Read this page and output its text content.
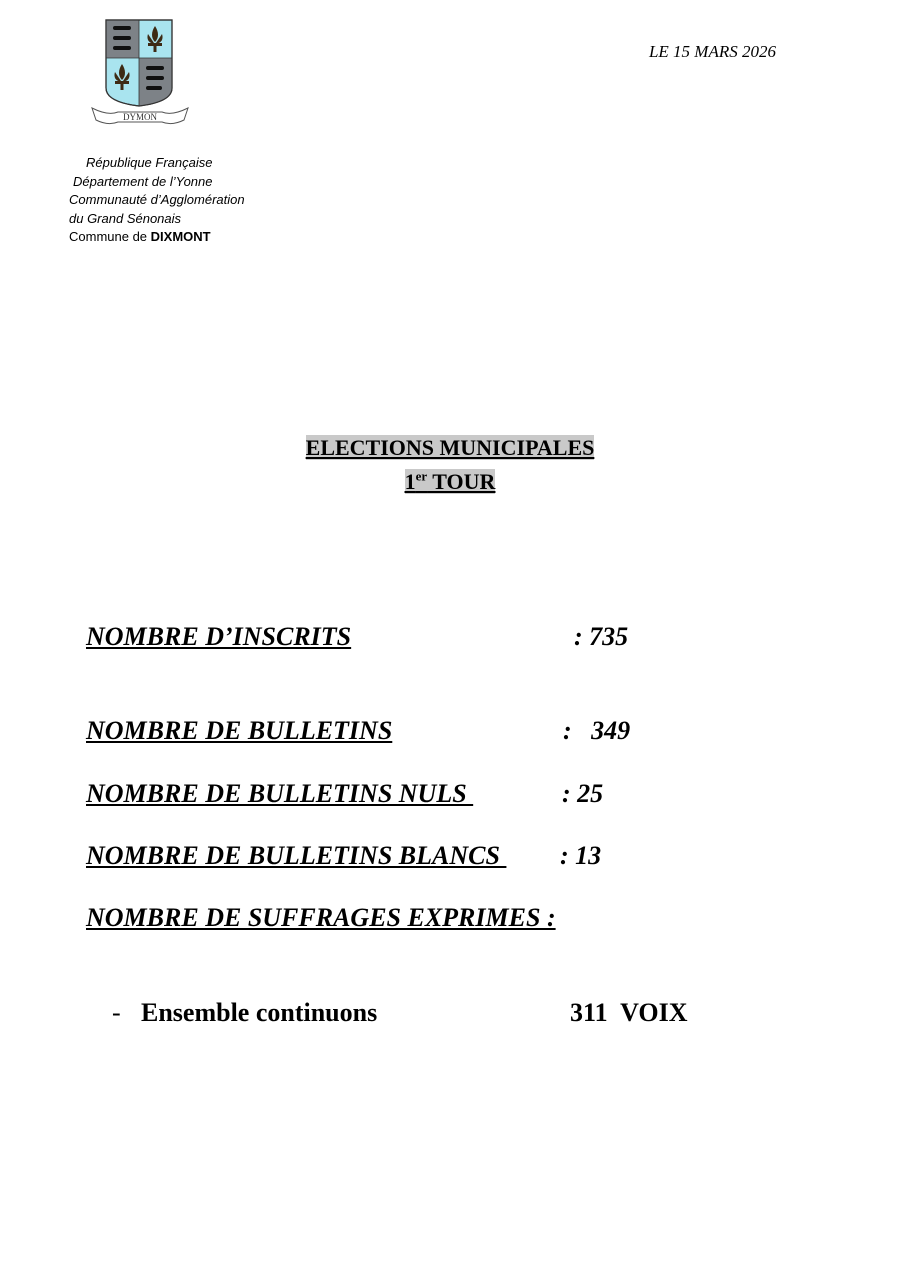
DYMON
LE 15 MARS 2026
République Française
Département de l’Yonne
Communauté d’Agglomération
du Grand Sénonais
Commune de DIXMONT
ELECTIONS MUNICIPALES
1er TOUR
NOMBRE D’INSCRITS	: 735
NOMBRE DE BULLETINS	:   349
NOMBRE DE BULLETINS NULS	: 25
NOMBRE DE BULLETINS BLANCS : 13
NOMBRE DE SUFFRAGES EXPRIMES :
- Ensemble continuons	311  VOIX
